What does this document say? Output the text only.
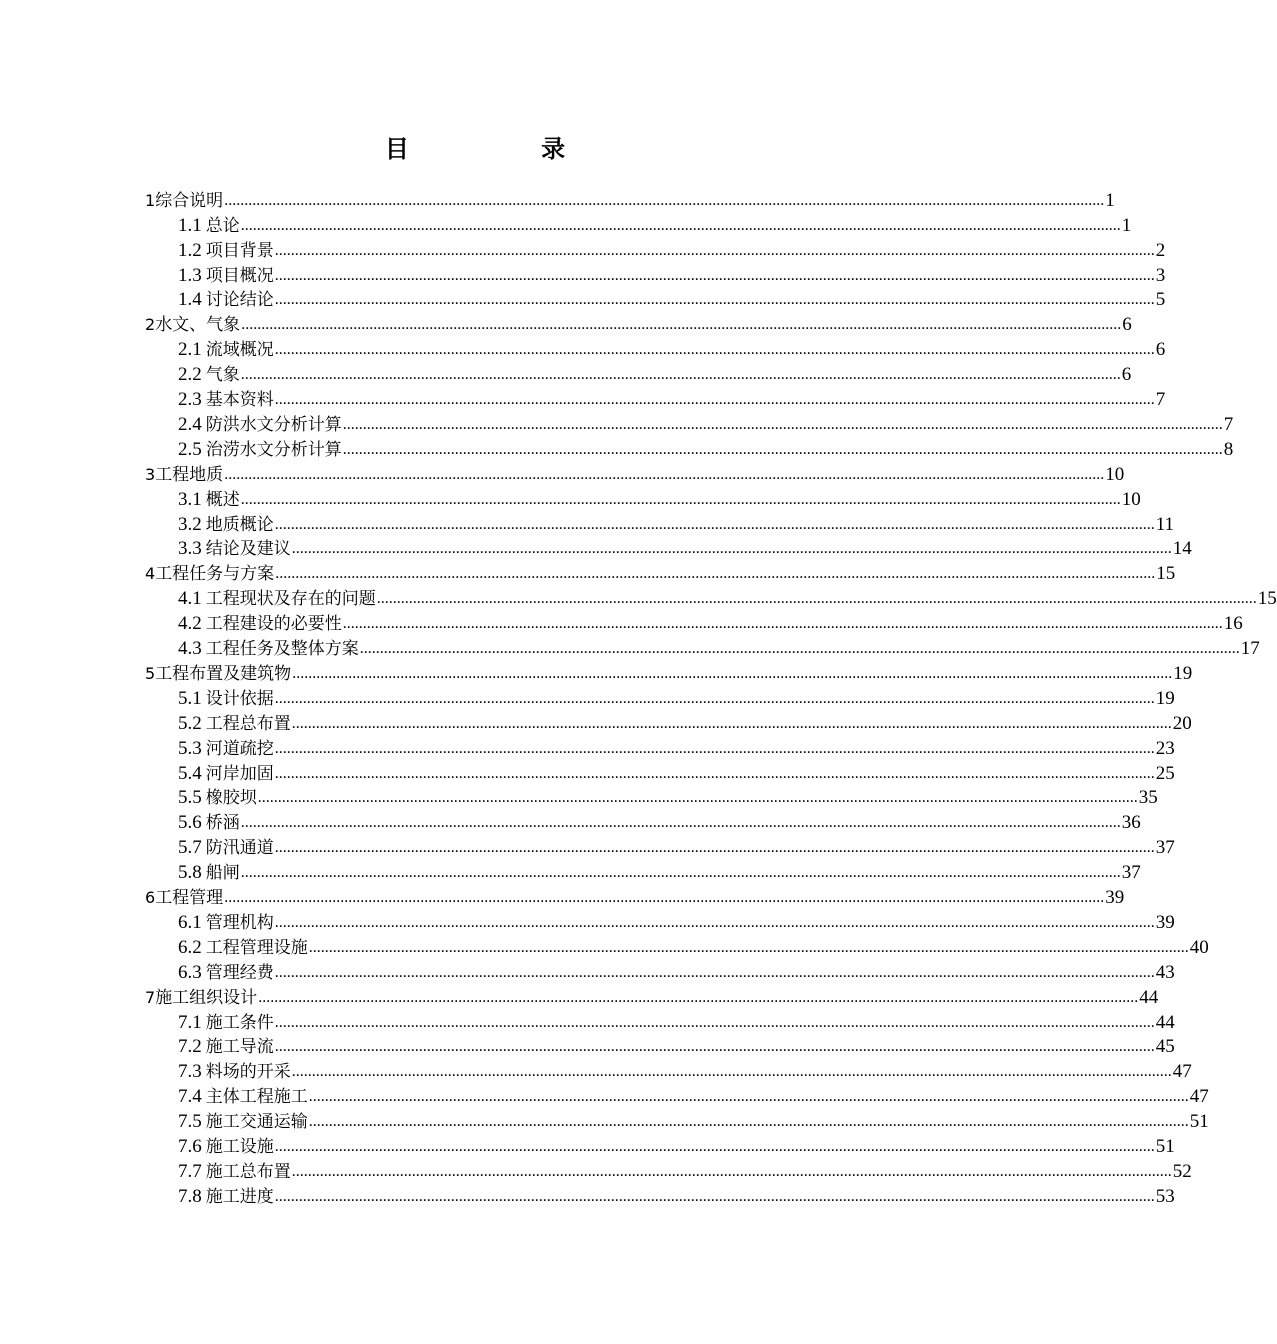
目 录
1 综合说明 ............................................................................................................................................................................................................................ 1
1.1 总论 ............................................................................................................................................................................................................................ 1
1.2 项目背景 ............................................................................................................................................................................................................................ 2
1.3 项目概况 ............................................................................................................................................................................................................................ 3
1.4 讨论结论 ............................................................................................................................................................................................................................ 5
2 水文、气象 ............................................................................................................................................................................................................................ 6
2.1 流域概况 ............................................................................................................................................................................................................................ 6
2.2 气象 ............................................................................................................................................................................................................................ 6
2.3 基本资料 ............................................................................................................................................................................................................................ 7
2.4 防洪水文分析计算 ............................................................................................................................................................................................................................ 7
2.5 治涝水文分析计算 ............................................................................................................................................................................................................................ 8
3 工程地质 ............................................................................................................................................................................................................................ 10
3.1 概述 ............................................................................................................................................................................................................................ 10
3.2 地质概论 ............................................................................................................................................................................................................................ 11
3.3 结论及建议 ............................................................................................................................................................................................................................ 14
4 工程任务与方案 ............................................................................................................................................................................................................................ 15
4.1 工程现状及存在的问题 ............................................................................................................................................................................................................................ 15
4.2 工程建设的必要性 ............................................................................................................................................................................................................................ 16
4.3 工程任务及整体方案 ............................................................................................................................................................................................................................ 17
5 工程布置及建筑物 ............................................................................................................................................................................................................................ 19
5.1 设计依据 ............................................................................................................................................................................................................................ 19
5.2 工程总布置 ............................................................................................................................................................................................................................ 20
5.3 河道疏挖 ............................................................................................................................................................................................................................ 23
5.4 河岸加固 ............................................................................................................................................................................................................................ 25
5.5 橡胶坝 ............................................................................................................................................................................................................................ 35
5.6 桥涵 ............................................................................................................................................................................................................................ 36
5.7 防汛通道 ............................................................................................................................................................................................................................ 37
5.8 船闸 ............................................................................................................................................................................................................................ 37
6 工程管理 ............................................................................................................................................................................................................................ 39
6.1 管理机构 ............................................................................................................................................................................................................................ 39
6.2 工程管理设施 ............................................................................................................................................................................................................................ 40
6.3 管理经费 ............................................................................................................................................................................................................................ 43
7 施工组织设计 ............................................................................................................................................................................................................................ 44
7.1 施工条件 ............................................................................................................................................................................................................................ 44
7.2 施工导流 ............................................................................................................................................................................................................................ 45
7.3 料场的开采 ............................................................................................................................................................................................................................ 47
7.4 主体工程施工 ............................................................................................................................................................................................................................ 47
7.5 施工交通运输 ............................................................................................................................................................................................................................ 51
7.6 施工设施 ............................................................................................................................................................................................................................ 51
7.7 施工总布置 ............................................................................................................................................................................................................................ 52
7.8 施工进度 ............................................................................................................................................................................................................................ 53
